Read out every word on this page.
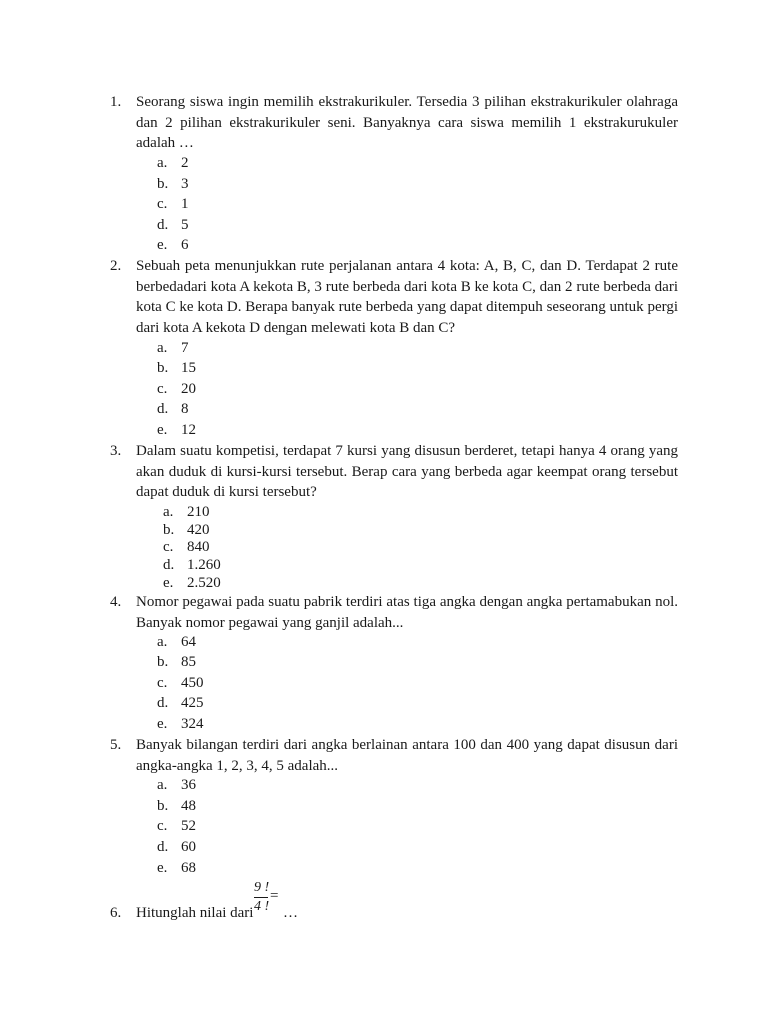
1. Seorang siswa ingin memilih ekstrakurikuler. Tersedia 3 pilihan ekstrakurikuler olahraga dan 2 pilihan ekstrakurikuler seni. Banyaknya cara siswa memilih 1 ekstrakurukuler adalah …
a. 2
b. 3
c. 1
d. 5
e. 6
2. Sebuah peta menunjukkan rute perjalanan antara 4 kota: A, B, C, dan D. Terdapat 2 rute berbedadari kota A kekota B, 3 rute berbeda dari kota B ke kota C, dan 2 rute berbeda dari kota C ke kota D. Berapa banyak rute berbeda yang dapat ditempuh seseorang untuk pergi dari kota A kekota D dengan melewati kota B dan C?
a. 7
b. 15
c. 20
d. 8
e. 12
3. Dalam suatu kompetisi, terdapat 7 kursi yang disusun berderet, tetapi hanya 4 orang yang akan duduk di kursi-kursi tersebut. Berap cara yang berbeda agar keempat orang tersebut dapat duduk di kursi tersebut?
a. 210
b. 420
c. 840
d. 1.260
e. 2.520
4. Nomor pegawai pada suatu pabrik terdiri atas tiga angka dengan angka pertamabukan nol. Banyak nomor pegawai yang ganjil adalah...
a. 64
b. 85
c. 450
d. 425
e. 324
5. Banyak bilangan terdiri dari angka berlainan antara 100 dan 400 yang dapat disusun dari angka-angka 1, 2, 3, 4, 5 adalah...
a. 36
b. 48
c. 52
d. 60
e. 68
6. Hitunglah nilai dari
9 !
4 !
=
…
